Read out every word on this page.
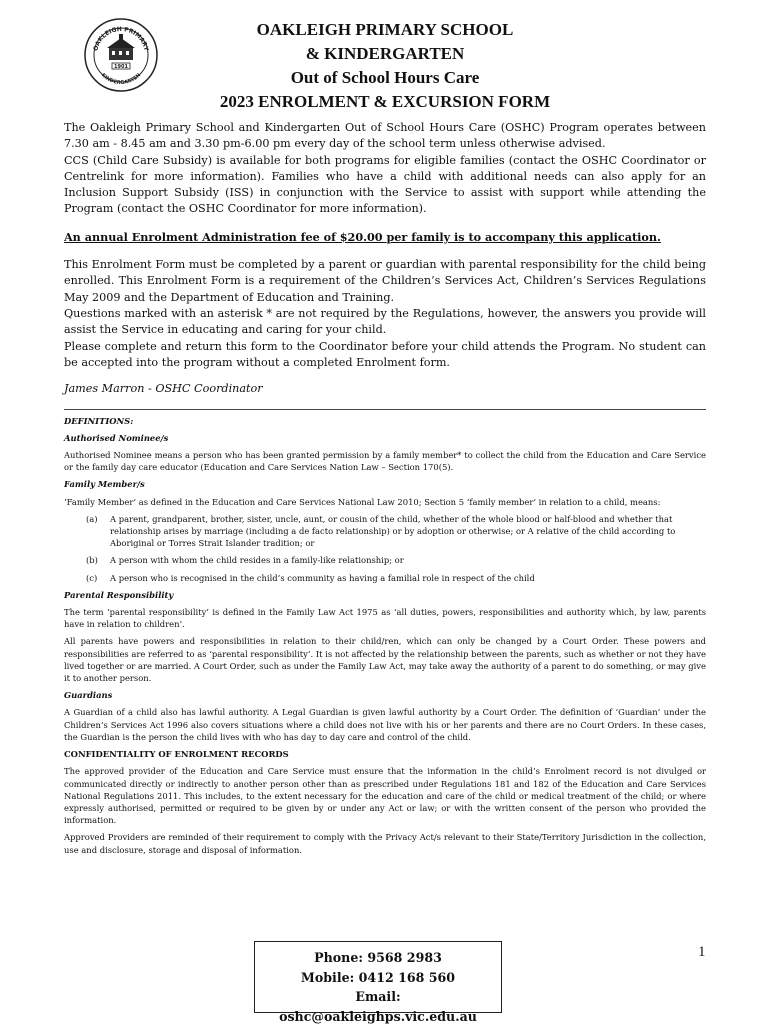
OAKLEIGH PRIMARY
KINDERGARTEN
1901
OAKLEIGH PRIMARY SCHOOL
& KINDERGARTEN
Out of School Hours Care
2023 ENROLMENT & EXCURSION FORM

The Oakleigh Primary School and Kindergarten Out of School Hours Care (OSHC) Program operates between 7.30 am - 8.45 am and 3.30 pm-6.00 pm every day of the school term unless otherwise advised.

CCS (Child Care Subsidy) is available for both programs for eligible families (contact the OSHC Coordinator or Centrelink for more information). Families who have a child with additional needs can also apply for an Inclusion Support Subsidy (ISS) in conjunction with the Service to assist with support while attending the Program (contact the OSHC Coordinator for more information).

An annual Enrolment Administration fee of $20.00 per family is to accompany this application.

This Enrolment Form must be completed by a parent or guardian with parental responsibility for the child being enrolled. This Enrolment Form is a requirement of the Children’s Services Act, Children’s Services Regulations May 2009 and the Department of Education and Training.

Questions marked with an asterisk * are not required by the Regulations, however, the answers you provide will assist the Service in educating and caring for your child.

Please complete and return this form to the Coordinator before your child attends the Program. No student can be accepted into the program without a completed Enrolment form.

James Marron - OSHC Coordinator

DEFINITIONS:

Authorised Nominee/s

Authorised Nominee means a person who has been granted permission by a family member* to collect the child from the Education and Care Service or the family day care educator (Education and Care Services Nation Law – Section 170(5).

Family Member/s

‘Family Member’ as defined in the Education and Care Services National Law 2010; Section 5 ‘family member’ in relation to a child, means:

(a)	A parent, grandparent, brother, sister, uncle, aunt, or cousin of the child, whether of the whole blood or half-blood and whether that relationship arises by marriage (including a de facto relationship) or by adoption or otherwise; or A relative of the child according to Aboriginal or Torres Strait Islander tradition; or
(b)	A person with whom the child resides in a family-like relationship; or
(c)	A person who is recognised in the child’s community as having a familial role in respect of the child

Parental Responsibility

The term ‘parental responsibility’ is defined in the Family Law Act 1975 as ‘all duties, powers, responsibilities and authority which, by law, parents have in relation to children’.

All parents have powers and responsibilities in relation to their child/ren, which can only be changed by a Court Order. These powers and responsibilities are referred to as ‘parental responsibility’. It is not affected by the relationship between the parents, such as whether or not they have lived together or are married. A Court Order, such as under the Family Law Act, may take away the authority of a parent to do something, or may give it to another person.

Guardians

A Guardian of a child also has lawful authority. A Legal Guardian is given lawful authority by a Court Order. The definition of ‘Guardian’ under the Children’s Services Act 1996 also covers situations where a child does not live with his or her parents and there are no Court Orders. In these cases, the Guardian is the person the child lives with who has day to day care and control of the child.

CONFIDENTIALITY OF ENROLMENT RECORDS

The approved provider of the Education and Care Service must ensure that the information in the child’s Enrolment record is not divulged or communicated directly or indirectly to another person other than as prescribed under Regulations 181 and 182 of the Education and Care Services National Regulations 2011. This includes, to the extent necessary for the education and care of the child or medical treatment of the child; or where expressly authorised, permitted or required to be given by or under any Act or law; or with the written consent of the person who provided the information.

Approved Providers are reminded of their requirement to comply with the Privacy Act/s relevant to their State/Territory Jurisdiction in the collection, use and disclosure, storage and disposal of information.

1
Phone: 9568 2983
Mobile: 0412 168 560
Email: oshc@oakleighps.vic.edu.au
